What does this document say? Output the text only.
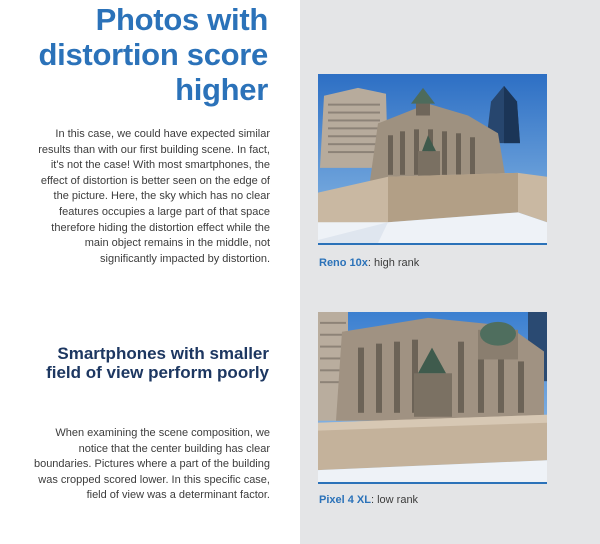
Photos with distortion score higher

In this case, we could have expected similar results than with our first building scene. In fact, it's not the case! With most smartphones, the effect of distortion is better seen on the edge of the picture. Here, the sky which has no clear features occupies a large part of that space therefore hiding the distortion effect while the main object remains in the middle, not significantly impacted by distortion.

Smartphones with smaller field of view perform poorly

When examining the scene composition, we notice that the center building has clear boundaries. Pictures where a part of the building was cropped scored lower. In this specific case, field of view was a determinant factor.

Reno 10x: high rank
Pixel 4 XL: low rank
